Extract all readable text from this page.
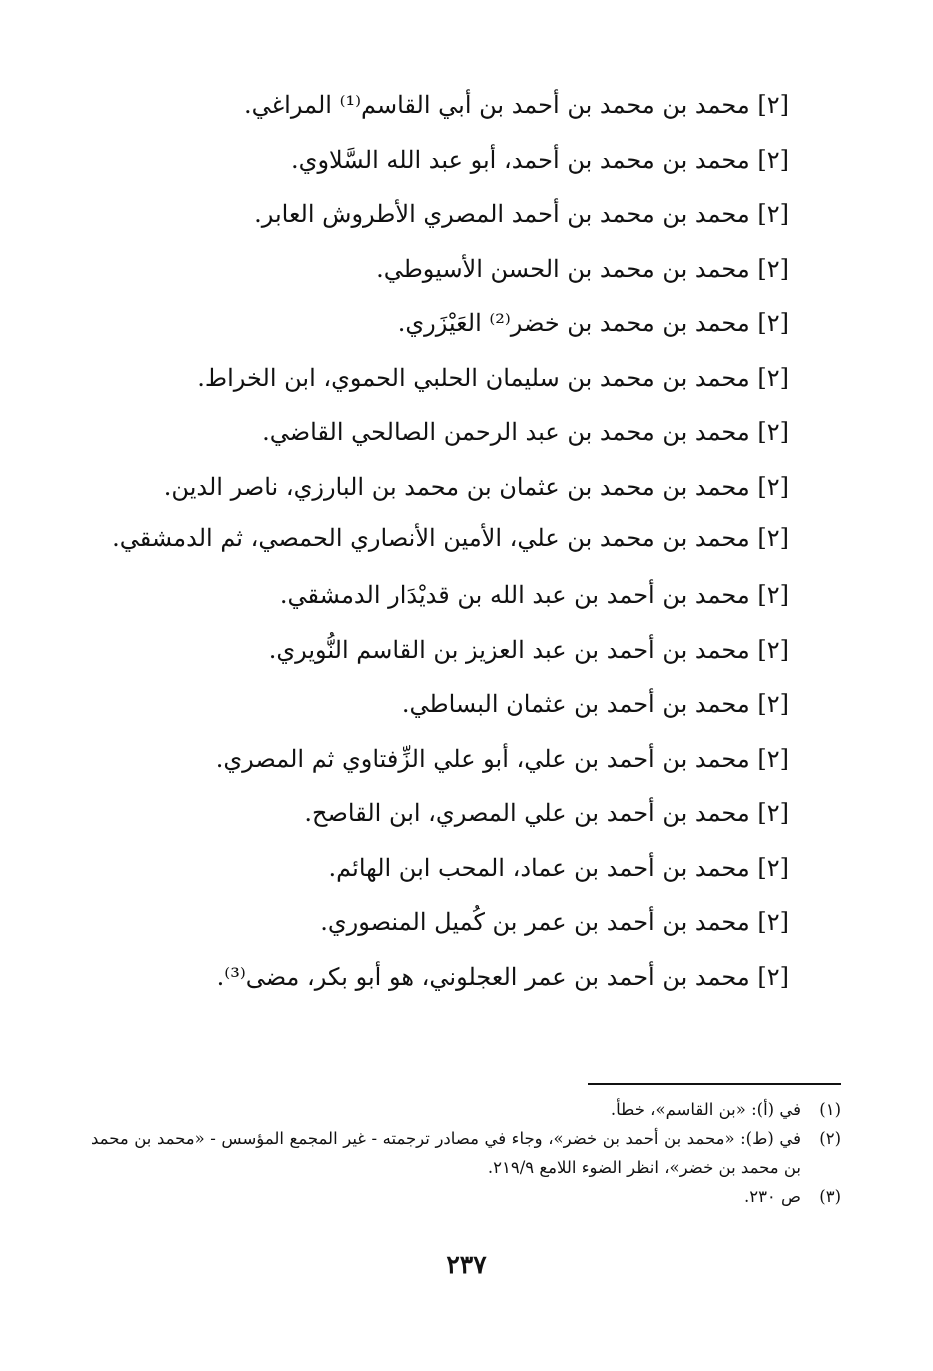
[٢] محمد بن محمد بن أحمد بن أبي القاسم⁽¹⁾ المراغي.

[٢] محمد بن محمد بن أحمد، أبو عبد الله السَّلاوي.

[٢] محمد بن محمد بن أحمد المصري الأطروش العابر.

[٢] محمد بن محمد بن الحسن الأسيوطي.

[٢] محمد بن محمد بن خضر⁽²⁾ العَيْزَري.

[٢] محمد بن محمد بن سليمان الحلبي الحموي، ابن الخراط.

[٢] محمد بن محمد بن عبد الرحمن الصالحي القاضي.

[٢] محمد بن محمد بن عثمان بن محمد بن البارزي، ناصر الدين.

[٢] محمد بن محمد بن علي، الأمين الأنصاري الحمصي، ثم الدمشقي.

[٢] محمد بن أحمد بن عبد الله بن قديْدَار الدمشقي.

[٢] محمد بن أحمد بن عبد العزيز بن القاسم النُّويري.

[٢] محمد بن أحمد بن عثمان البساطي.

[٢] محمد بن أحمد بن علي، أبو علي الزِّفتاوي ثم المصري.

[٢] محمد بن أحمد بن علي المصري، ابن القاصح.

[٢] محمد بن أحمد بن عماد، المحب ابن الهائم.

[٢] محمد بن أحمد بن عمر بن كُميل المنصوري.

[٢] محمد بن أحمد بن عمر العجلوني، هو أبو بكر، مضى⁽³⁾.

(١)
في (أ): «بن القاسم»، خطأ.
(٢)
في (ط): «محمد بن أحمد بن خضر»، وجاء في مصادر ترجمته - غير المجمع المؤسس - «محمد بن محمد بن محمد بن خضر»، انظر الضوء اللامع ٢١٩/٩.
(٣)
ص ٢٣٠.
٢٣٧
